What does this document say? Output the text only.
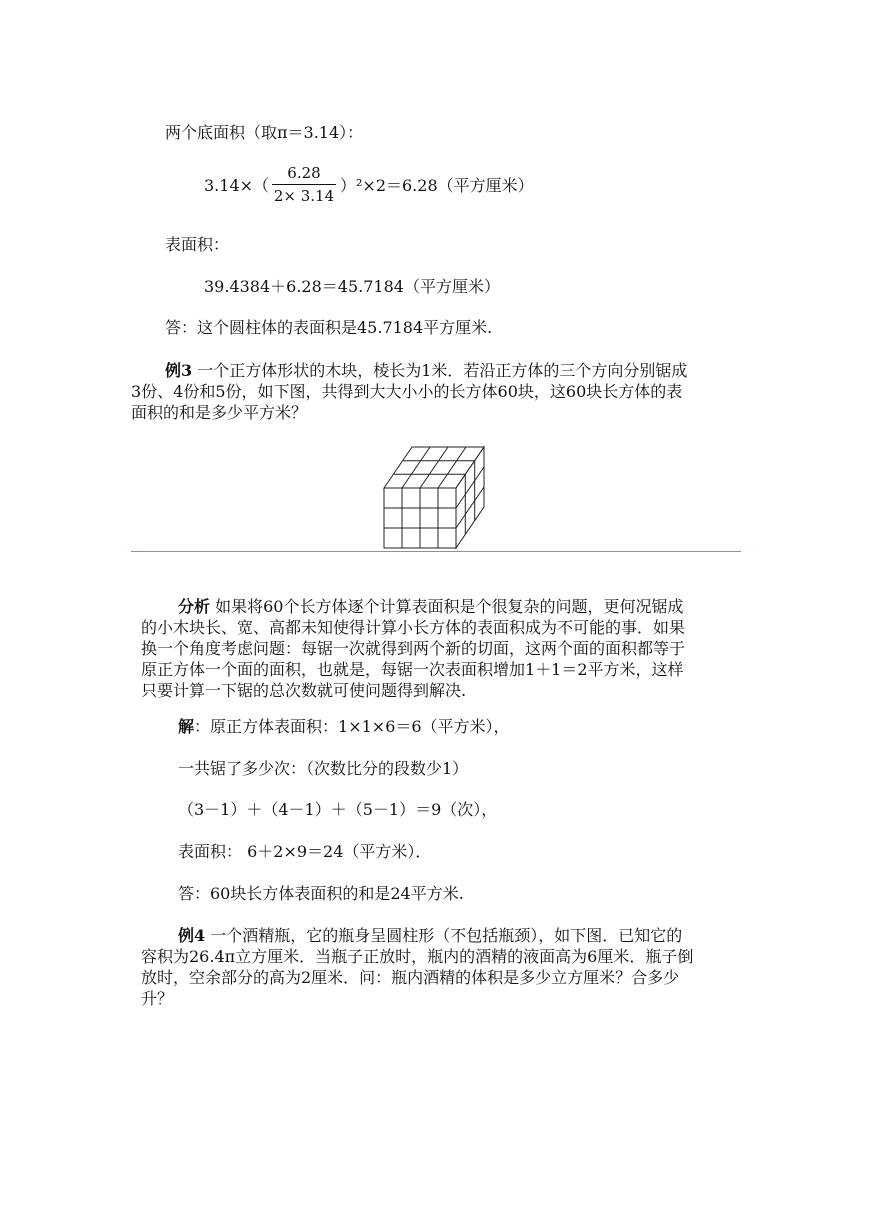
两个底面积（取π＝3.14）：
3.14×（
6.28
2× 3.14
）²×2＝6.28（平方厘米）
表面积：
39.4384＋6.28＝45.7184（平方厘米）
答：这个圆柱体的表面积是45.7184平方厘米.
例3 一个正方体形状的木块，棱长为1米．若沿正方体的三个方向分别锯成
3份、4份和5份，如下图，共得到大大小小的长方体60块，这60块长方体的表
面积的和是多少平方米？
分析 如果将60个长方体逐个计算表面积是个很复杂的问题，更何况锯成
的小木块长、宽、高都未知使得计算小长方体的表面积成为不可能的事．如果
换一个角度考虑问题：每锯一次就得到两个新的切面，这两个面的面积都等于
原正方体一个面的面积，也就是，每锯一次表面积增加1＋1＝2平方米，这样
只要计算一下锯的总次数就可使问题得到解决.
解：原正方体表面积：1×1×6＝6（平方米），
一共锯了多少次：（次数比分的段数少1）
（3－1）＋（4－1）＋（5－1）＝9（次），
表面积： 6＋2×9＝24（平方米）．
答：60块长方体表面积的和是24平方米.
例4 一个酒精瓶，它的瓶身呈圆柱形（不包括瓶颈），如下图．已知它的
容积为26.4π立方厘米．当瓶子正放时，瓶内的酒精的液面高为6厘米．瓶子倒
放时，空余部分的高为2厘米．问：瓶内酒精的体积是多少立方厘米？合多少
升？
